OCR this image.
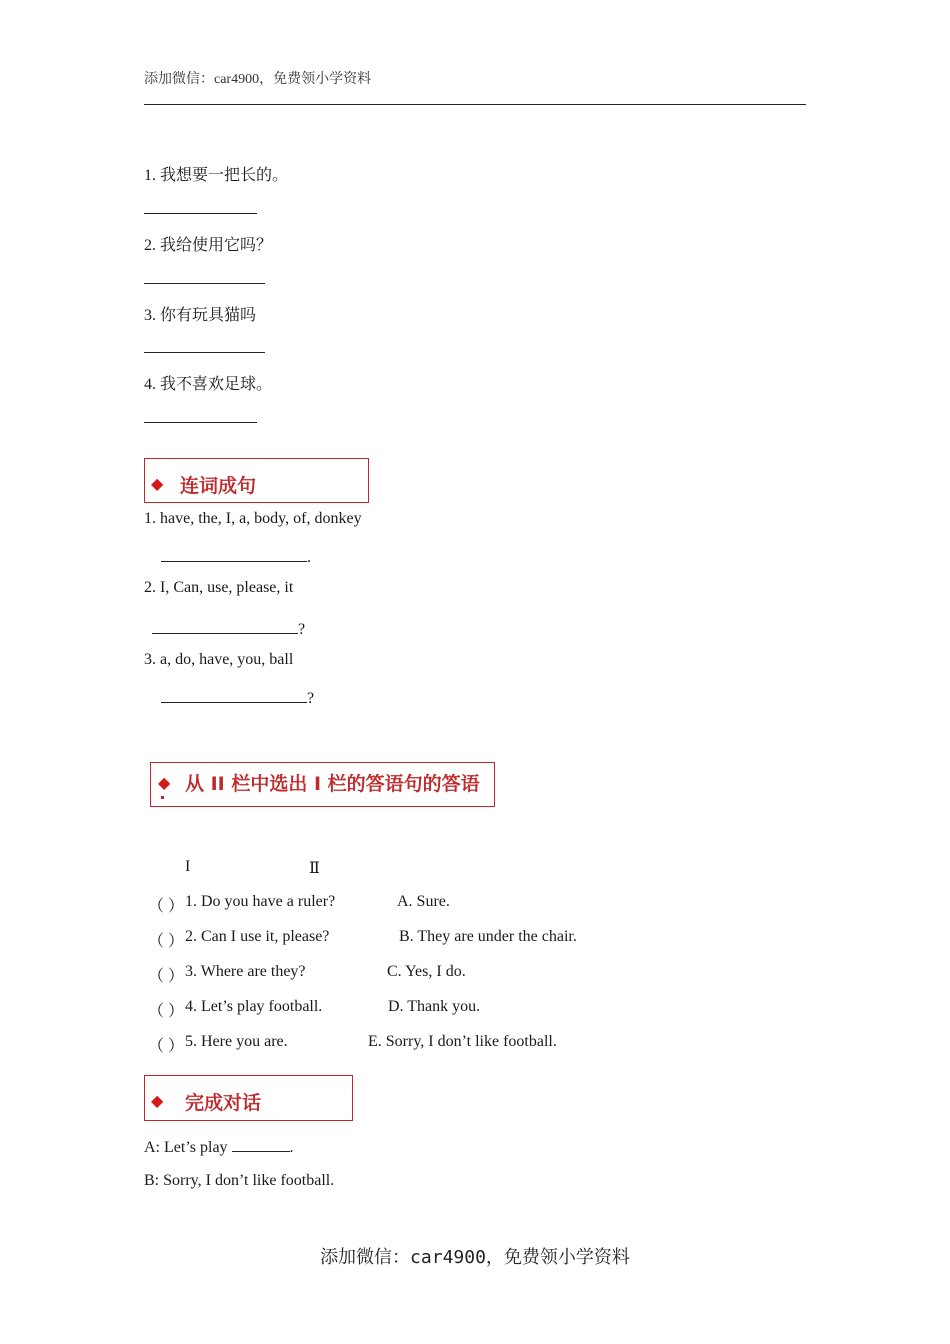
添加微信：car4900，免费领小学资料
1. 我想要一把长的。
2. 我给使用它吗？
3. 你有玩具猫吗
4. 我不喜欢足球。
◆ 连词成句
1. have, the, I, a, body, of, donkey
.
2. I, Can, use, please, it
?
3. a, do, have, you, ball
?
◆ 从 II 栏中选出 I 栏的答语句的答语
I	Ⅱ
（ ） 1. Do you have a ruler?	A. Sure.
（ ） 2. Can I use it, please?	B. They are under the chair.
（ ） 3. Where are they?	C. Yes, I do.
（ ） 4. Let’s play football.	D. Thank you.
（ ） 5. Here you are.	E. Sorry, I don’t like football.
◆ 完成对话
A: Let’s play	.
B: Sorry, I don’t like football.
添加微信：car4900，免费领小学资料
